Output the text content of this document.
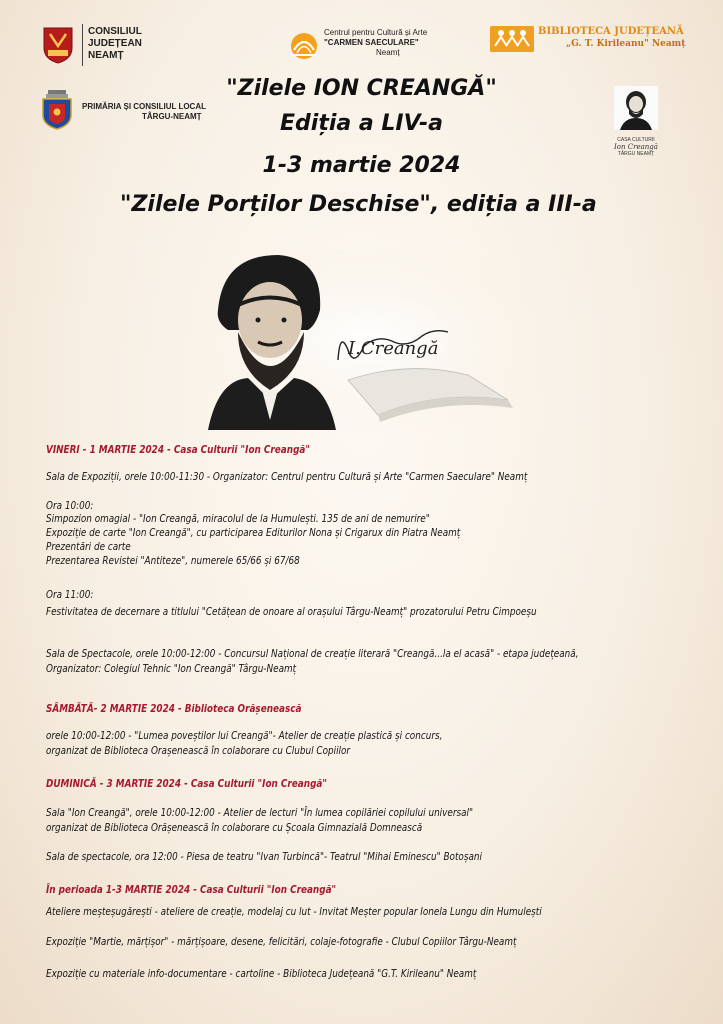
CONSILIUL
JUDEȚEAN
NEAMȚ
Centrul pentru Cultură și Arte
"CARMEN SAECULARE"
Neamț
BIBLIOTECA JUDEȚEANĂ
„G. T. Kirileanu" Neamț
PRIMĂRIA ȘI CONSILIUL LOCAL
TÂRGU-NEAMȚ
CASA CULTURII
Ion Creangă
TÂRGU NEAMȚ
"Zilele ION CREANGĂ"
Ediția a LIV-a
1-3 martie 2024
"Zilele Porților Deschise", ediția a III-a
I.Creangă
VINERI - 1 MARTIE 2024 - Casa Culturii "Ion Creangă"
Sala de Expoziții, orele 10:00-11:30 - Organizator: Centrul pentru Cultură și Arte "Carmen Saeculare" Neamț
Ora 10:00:
Simpozion omagial - "Ion Creangă, miracolul de la Humulești. 135 de ani de nemurire"
Expoziție de carte "Ion Creangă", cu participarea Editurilor Nona și Crigarux din Piatra Neamț
Prezentări de carte
Prezentarea Revistei "Antiteze", numerele 65/66 și 67/68
Ora 11:00:
Festivitatea de decernare a titlului "Cetățean de onoare al orașului Târgu-Neamț" prozatorului Petru Cimpoeșu
Sala de Spectacole, orele 10:00-12:00 - Concursul Național de creație literară "Creangă...la el acasă" - etapa județeană,
Organizator: Colegiul Tehnic "Ion Creangă" Târgu-Neamț
SÂMBĂTĂ- 2 MARTIE 2024 - Biblioteca Orășenească
orele 10:00-12:00 - "Lumea poveștilor lui Creangă"- Atelier de creație plastică și concurs,
organizat de Biblioteca Orașenească în colaborare cu Clubul Copiilor
DUMINICĂ - 3 MARTIE 2024 - Casa Culturii "Ion Creangă"
Sala "Ion Creangă", orele 10:00-12:00 - Atelier de lecturi "În lumea copilăriei copilului universal"
organizat de Biblioteca Orășenească în colaborare cu Școala Gimnazială Domnească
Sala de spectacole, ora 12:00 - Piesa de teatru "Ivan Turbincă"- Teatrul "Mihai Eminescu" Botoșani
În perioada 1-3 MARTIE 2024 - Casa Culturii "Ion Creangă"
Ateliere meșteșugărești - ateliere de creație, modelaj cu lut - Invitat Meșter popular Ionela Lungu din Humulești
Expoziție "Martie, mărțișor" - mărțișoare, desene, felicitări, colaje-fotografie - Clubul Copiilor Târgu-Neamț
Expoziție cu materiale info-documentare - cartoline - Biblioteca Județeană "G.T. Kirileanu" Neamț
